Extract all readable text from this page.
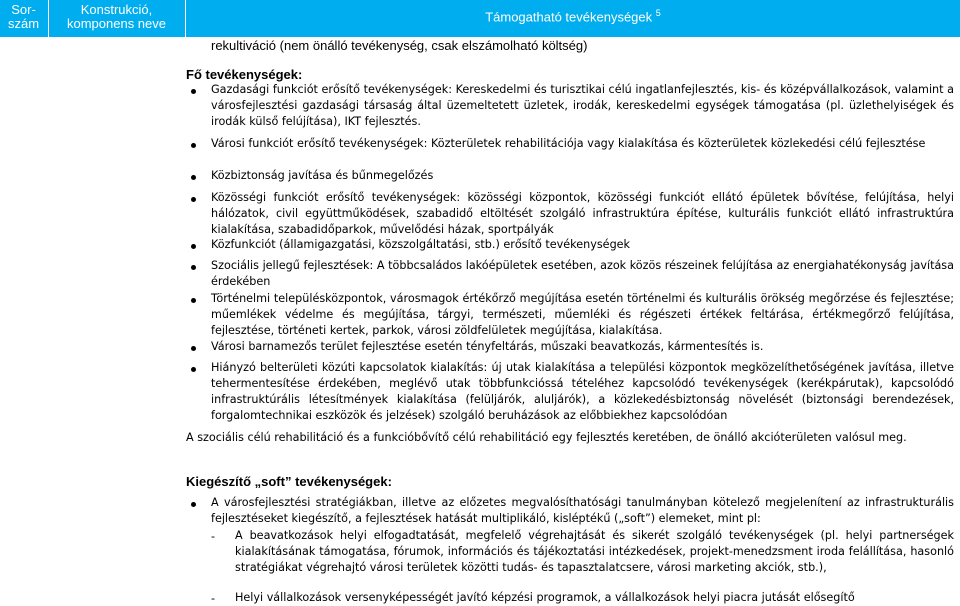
Sor-
szám
Konstrukció,
komponens neve	Támogatható tevékenységek $^5$
rekultiváció (nem önálló tevékenység, csak elszámolható költség)
Fő tevékenységek:
Gazdasági funkciót erősítő tevékenységek: Kereskedelmi és turisztikai célú ingatlanfejlesztés, kis- és középvállalkozások, valamint a városfejlesztési gazdasági társaság által üzemeltetett üzletek, irodák, kereskedelmi egységek támogatása (pl. üzlethelyiségek és irodák külső felújítása), IKT fejlesztés.
Városi funkciót erősítő tevékenységek: Közterületek rehabilitációja vagy kialakítása és közterületek közlekedési célú fejlesztése
Közbiztonság javítása és bűnmegelőzés
Közösségi funkciót erősítő tevékenységek: közösségi központok, közösségi funkciót ellátó épületek bővítése, felújítása, helyi hálózatok, civil együttműködések, szabadidő eltöltését szolgáló infrastruktúra építése, kulturális funkciót ellátó infrastruktúra kialakítása, szabadidőparkok, művelődési házak, sportpályák
Közfunkciót (államigazgatási, közszolgáltatási, stb.) erősítő tevékenységek
Szociális jellegű fejlesztések: A többcsaládos lakóépületek esetében, azok közös részeinek felújítása az energiahatékonyság javítása érdekében
Történelmi településközpontok, városmagok értékőrző megújítása esetén történelmi és kulturális örökség megőrzése és fejlesztése; műemlékek védelme és megújítása, tárgyi, természeti, műemléki és régészeti értékek feltárása, értékmegőrző felújítása, fejlesztése, történeti kertek, parkok, városi zöldfelületek megújítása, kialakítása.
Városi barnamezős terület fejlesztése esetén tényfeltárás, műszaki beavatkozás, kármentesítés is.
Hiányzó belterületi közúti kapcsolatok kialakítás: új utak kialakítása a települési központok megközelíthetőségének javítása, illetve tehermentesítése érdekében, meglévő utak többfunkcióssá tételéhez kapcsolódó tevékenységek (kerékpárutak), kapcsolódó infrastruktúrális létesítmények kialakítása (felüljárók, aluljárók), a közlekedésbiztonság növelését (biztonsági berendezések, forgalomtechnikai eszközök és jelzések) szolgáló beruházások az előbbiekhez kapcsolódóan
A szociális célú rehabilitáció és a funkcióbővítő célú rehabilitáció egy fejlesztés keretében, de önálló akcióterületen valósul meg.
Kiegészítő „soft” tevékenységek:
A városfejlesztési stratégiákban, illetve az előzetes megvalósíthatósági tanulmányban kötelező megjelenítení az infrastrukturális fejlesztéseket kiegészítő, a fejlesztések hatását multiplikáló, kisléptékű („soft”) elemeket, mint pl:
- A beavatkozások helyi elfogadtatását, megfelelő végrehajtását és sikerét szolgáló tevékenységek (pl. helyi partnerségek kialakításának támogatása, fórumok, információs és tájékoztatási intézkedések, projekt-menedzsment iroda felállítása, hasonló stratégiákat végrehajtó városi területek közötti tudás- és tapasztalatcsere, városi marketing akciók, stb.),
- Helyi vállalkozások versenyképességét javító képzési programok, a vállalkozások helyi piacra jutását elősegítő
